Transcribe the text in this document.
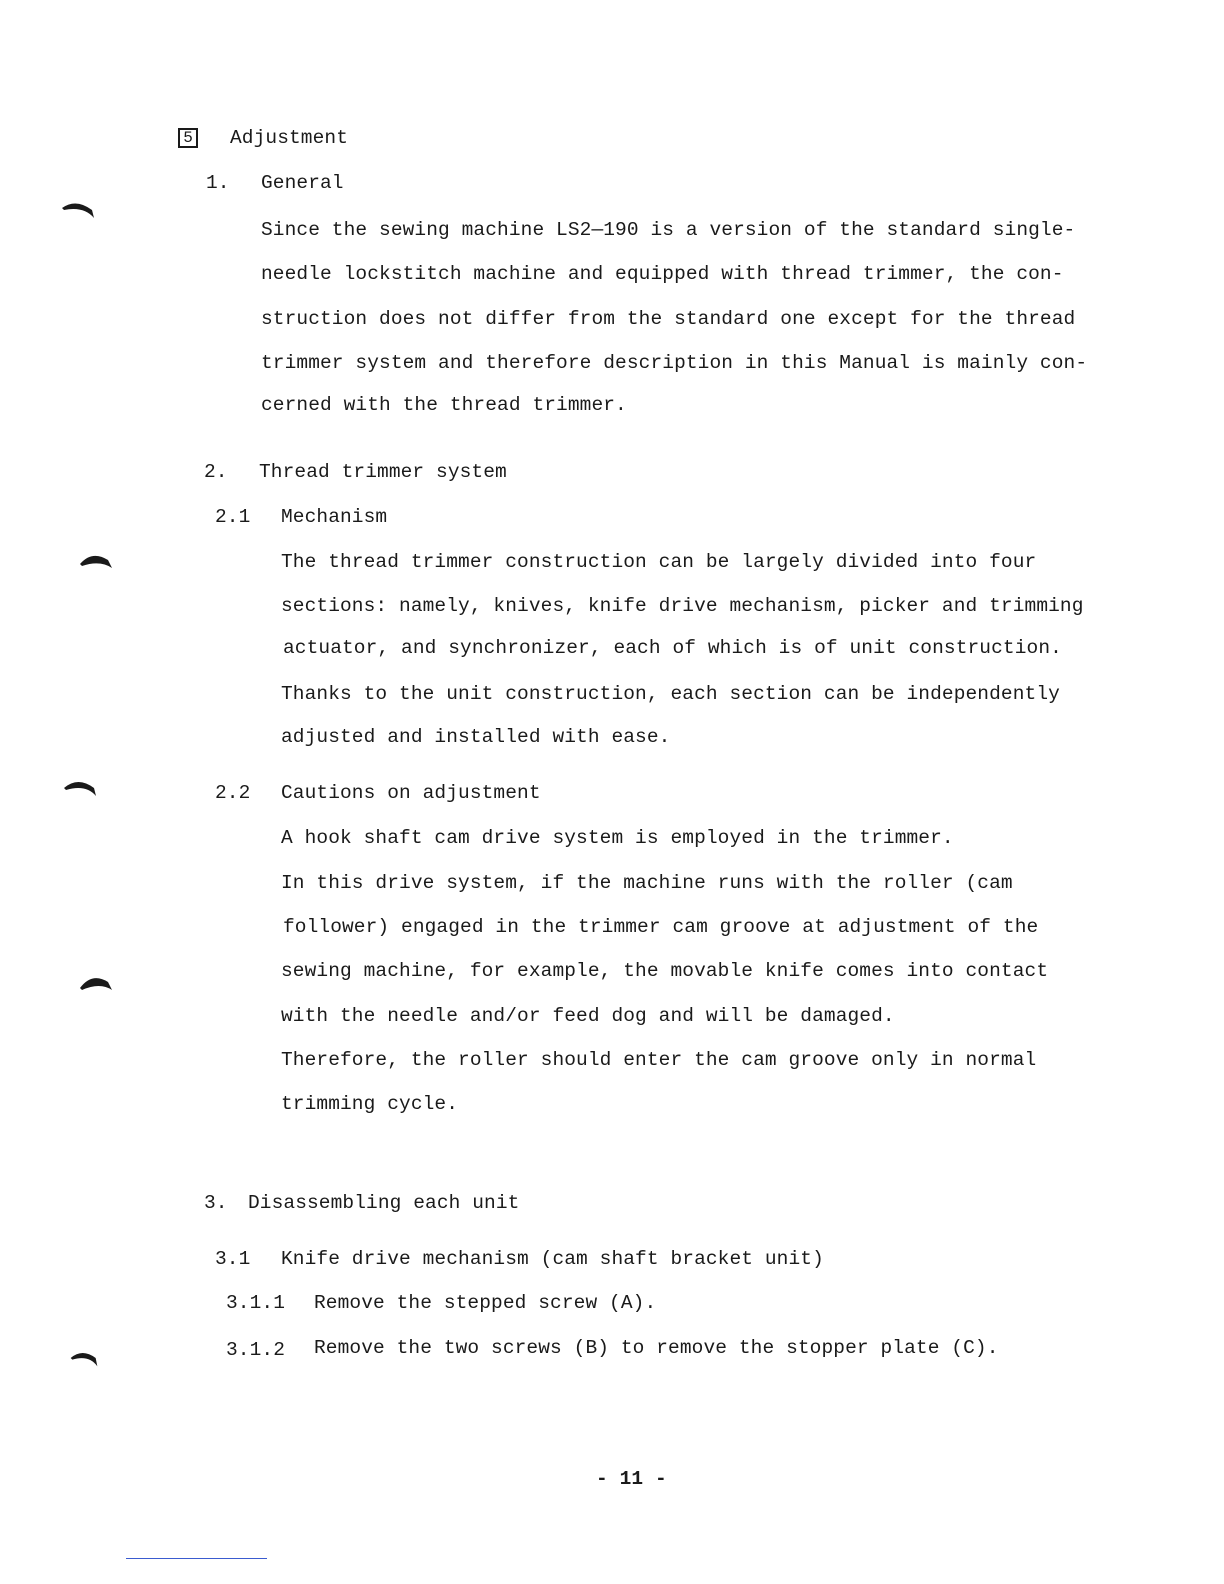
5 Adjustment
1. General
Since the sewing machine LS2—190 is a version of the standard single-
needle lockstitch machine and equipped with thread trimmer, the con-
struction does not differ from the standard one except for the thread
trimmer system and therefore description in this Manual is mainly con-
cerned with the thread trimmer.
2. Thread trimmer system
2.1 Mechanism
The thread trimmer construction can be largely divided into four
sections: namely, knives, knife drive mechanism, picker and trimming
actuator, and synchronizer, each of which is of unit construction.
Thanks to the unit construction, each section can be independently
adjusted and installed with ease.
2.2 Cautions on adjustment
A hook shaft cam drive system is employed in the trimmer.
In this drive system, if the machine runs with the roller (cam
follower) engaged in the trimmer cam groove at adjustment of the
sewing machine, for example, the movable knife comes into contact
with the needle and/or feed dog and will be damaged.
Therefore, the roller should enter the cam groove only in normal
trimming cycle.
3. Disassembling each unit
3.1 Knife drive mechanism (cam shaft bracket unit)
3.1.1 Remove the stepped screw (A).
3.1.2 Remove the two screws (B) to remove the stopper plate (C).
- 11 -
